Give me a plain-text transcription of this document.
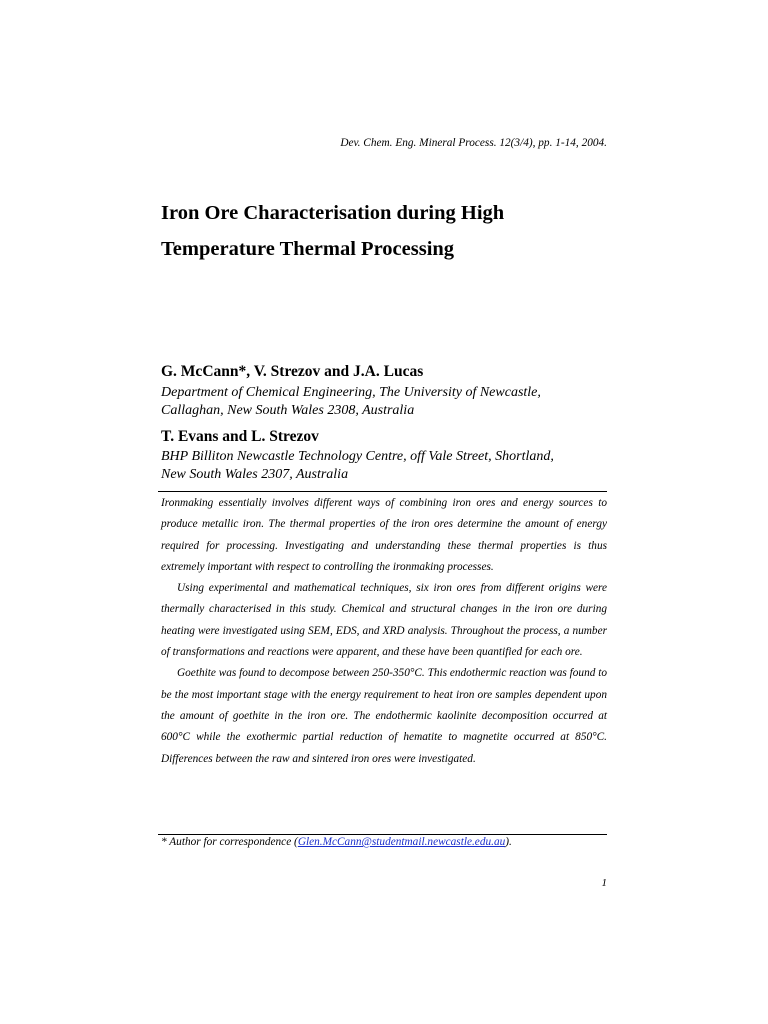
Dev. Chem. Eng. Mineral Process. 12(3/4), pp. 1-14, 2004.
Iron Ore Characterisation during High
Temperature Thermal Processing
G. McCann*, V. Strezov and J.A. Lucas
Department of Chemical Engineering, The University of Newcastle,
Callaghan, New South Wales 2308, Australia
T. Evans and L. Strezov
BHP Billiton Newcastle Technology Centre, off Vale Street, Shortland,
New South Wales 2307, Australia

Ironmaking essentially involves different ways of combining iron ores and energy sources to produce metallic iron. The thermal properties of the iron ores determine the amount of energy required for processing. Investigating and understanding these thermal properties is thus extremely important with respect to controlling the ironmaking processes.

Using experimental and mathematical techniques, six iron ores from different origins were thermally characterised in this study. Chemical and structural changes in the iron ore during heating were investigated using SEM, EDS, and XRD analysis. Throughout the process, a number of transformations and reactions were apparent, and these have been quantified for each ore.

Goethite was found to decompose between 250-350°C. This endothermic reaction was found to be the most important stage with the energy requirement to heat iron ore samples dependent upon the amount of goethite in the iron ore. The endothermic kaolinite decomposition occurred at 600°C while the exothermic partial reduction of hematite to magnetite occurred at 850°C. Differences between the raw and sintered iron ores were investigated.

* Author for correspondence (Glen.McCann@studentmail.newcastle.edu.au).
1
